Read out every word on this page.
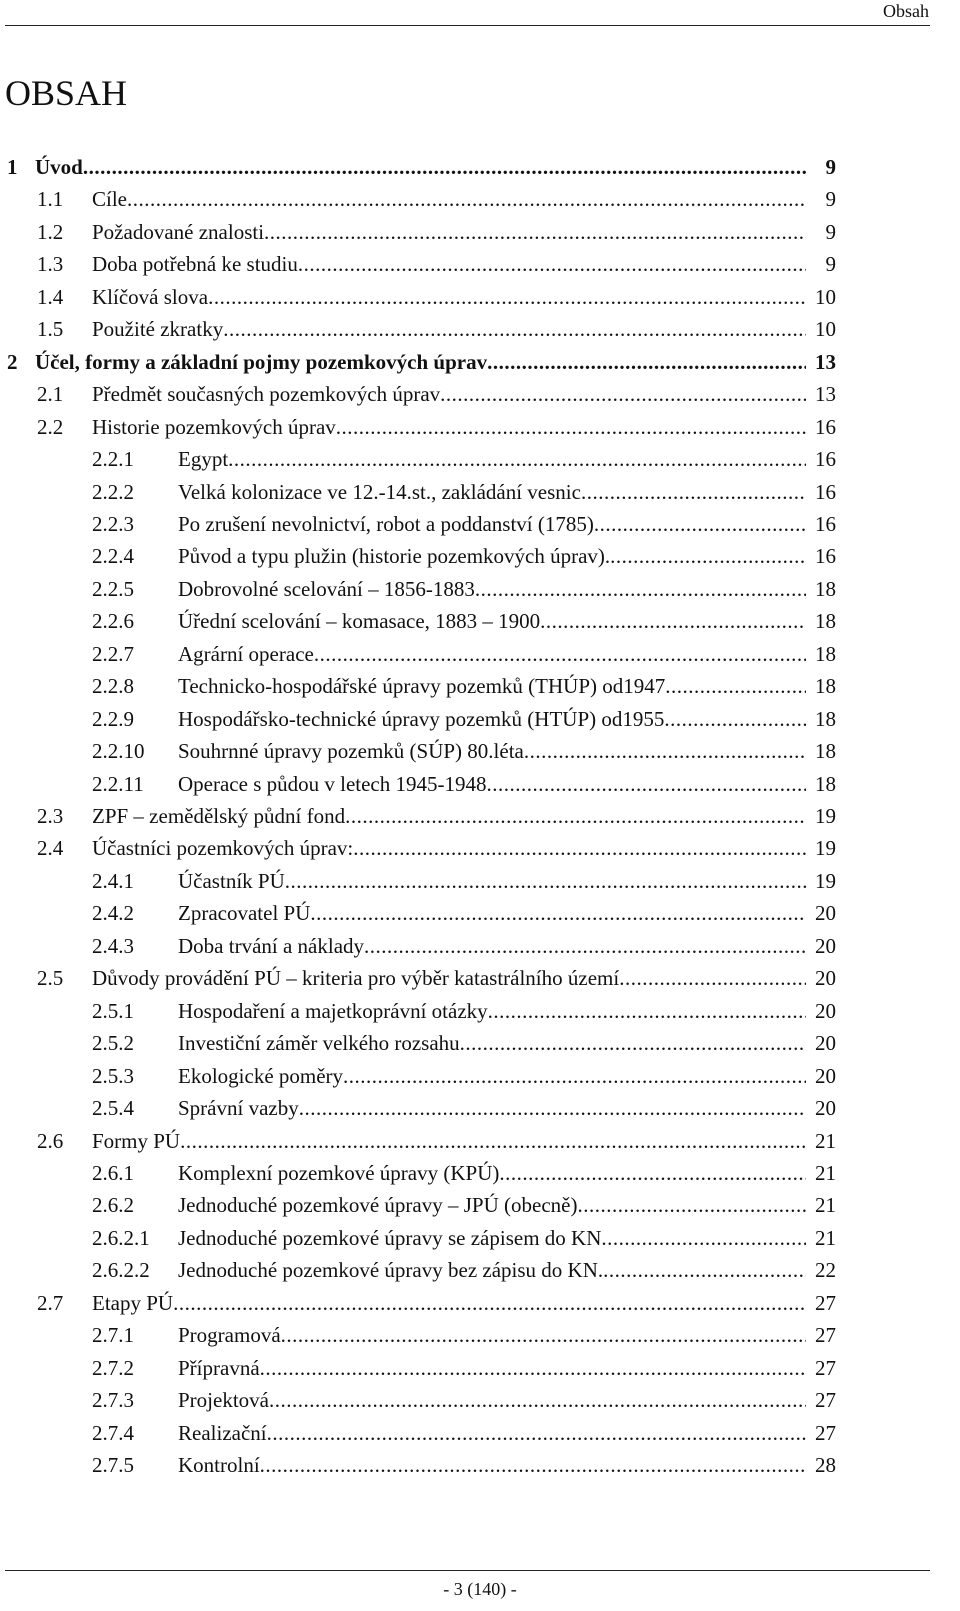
Obsah
OBSAH
1 Úvod .....	9
1.1 Cíle .....	9
1.2 Požadované znalosti .....	9
1.3 Doba potřebná ke studiu .....	9
1.4 Klíčová slova .....	10
1.5 Použité zkratky .....	10
2 Účel, formy a základní pojmy pozemkových úprav .....	13
2.1 Předmět současných pozemkových úprav .....	13
2.2 Historie pozemkových úprav .....	16
2.2.1 Egypt .....	16
2.2.2 Velká kolonizace ve 12.-14.st., zakládání vesnic .....	16
2.2.3 Po zrušení nevolnictví, robot a poddanství (1785) .....	16
2.2.4 Původ a typu plužin (historie pozemkových úprav). .....	16
2.2.5 Dobrovolné scelování – 1856-1883 .....	18
2.2.6 Úřední scelování – komasace, 1883 – 1900 .....	18
2.2.7 Agrární operace .....	18
2.2.8 Technicko-hospodářské úpravy pozemků (THÚP) od1947 .....	18
2.2.9 Hospodářsko-technické úpravy pozemků (HTÚP) od1955 .....	18
2.2.10 Souhrnné úpravy pozemků (SÚP) 80.léta .....	18
2.2.11 Operace s půdou v letech 1945-1948 .....	18
2.3 ZPF – zemědělský půdní fond .....	19
2.4 Účastníci pozemkových úprav: .....	19
2.4.1 Účastník PÚ .....	19
2.4.2 Zpracovatel PÚ .....	20
2.4.3 Doba trvání a náklady .....	20
2.5 Důvody provádění PÚ – kriteria pro výběr katastrálního území .....	20
2.5.1 Hospodaření a majetkoprávní otázky .....	20
2.5.2 Investiční záměr velkého rozsahu .....	20
2.5.3 Ekologické poměry .....	20
2.5.4 Správní vazby .....	20
2.6 Formy PÚ .....	21
2.6.1 Komplexní pozemkové úpravy (KPÚ) .....	21
2.6.2 Jednoduché pozemkové úpravy – JPÚ (obecně) .....	21
2.6.2.1 Jednoduché pozemkové úpravy se zápisem do KN .....	21
2.6.2.2 Jednoduché pozemkové úpravy bez zápisu do KN. .....	22
2.7 Etapy PÚ .....	27
2.7.1 Programová .....	27
2.7.2 Přípravná .....	27
2.7.3 Projektová .....	27
2.7.4 Realizační .....	27
2.7.5 Kontrolní .....	28
- 3 (140) -
